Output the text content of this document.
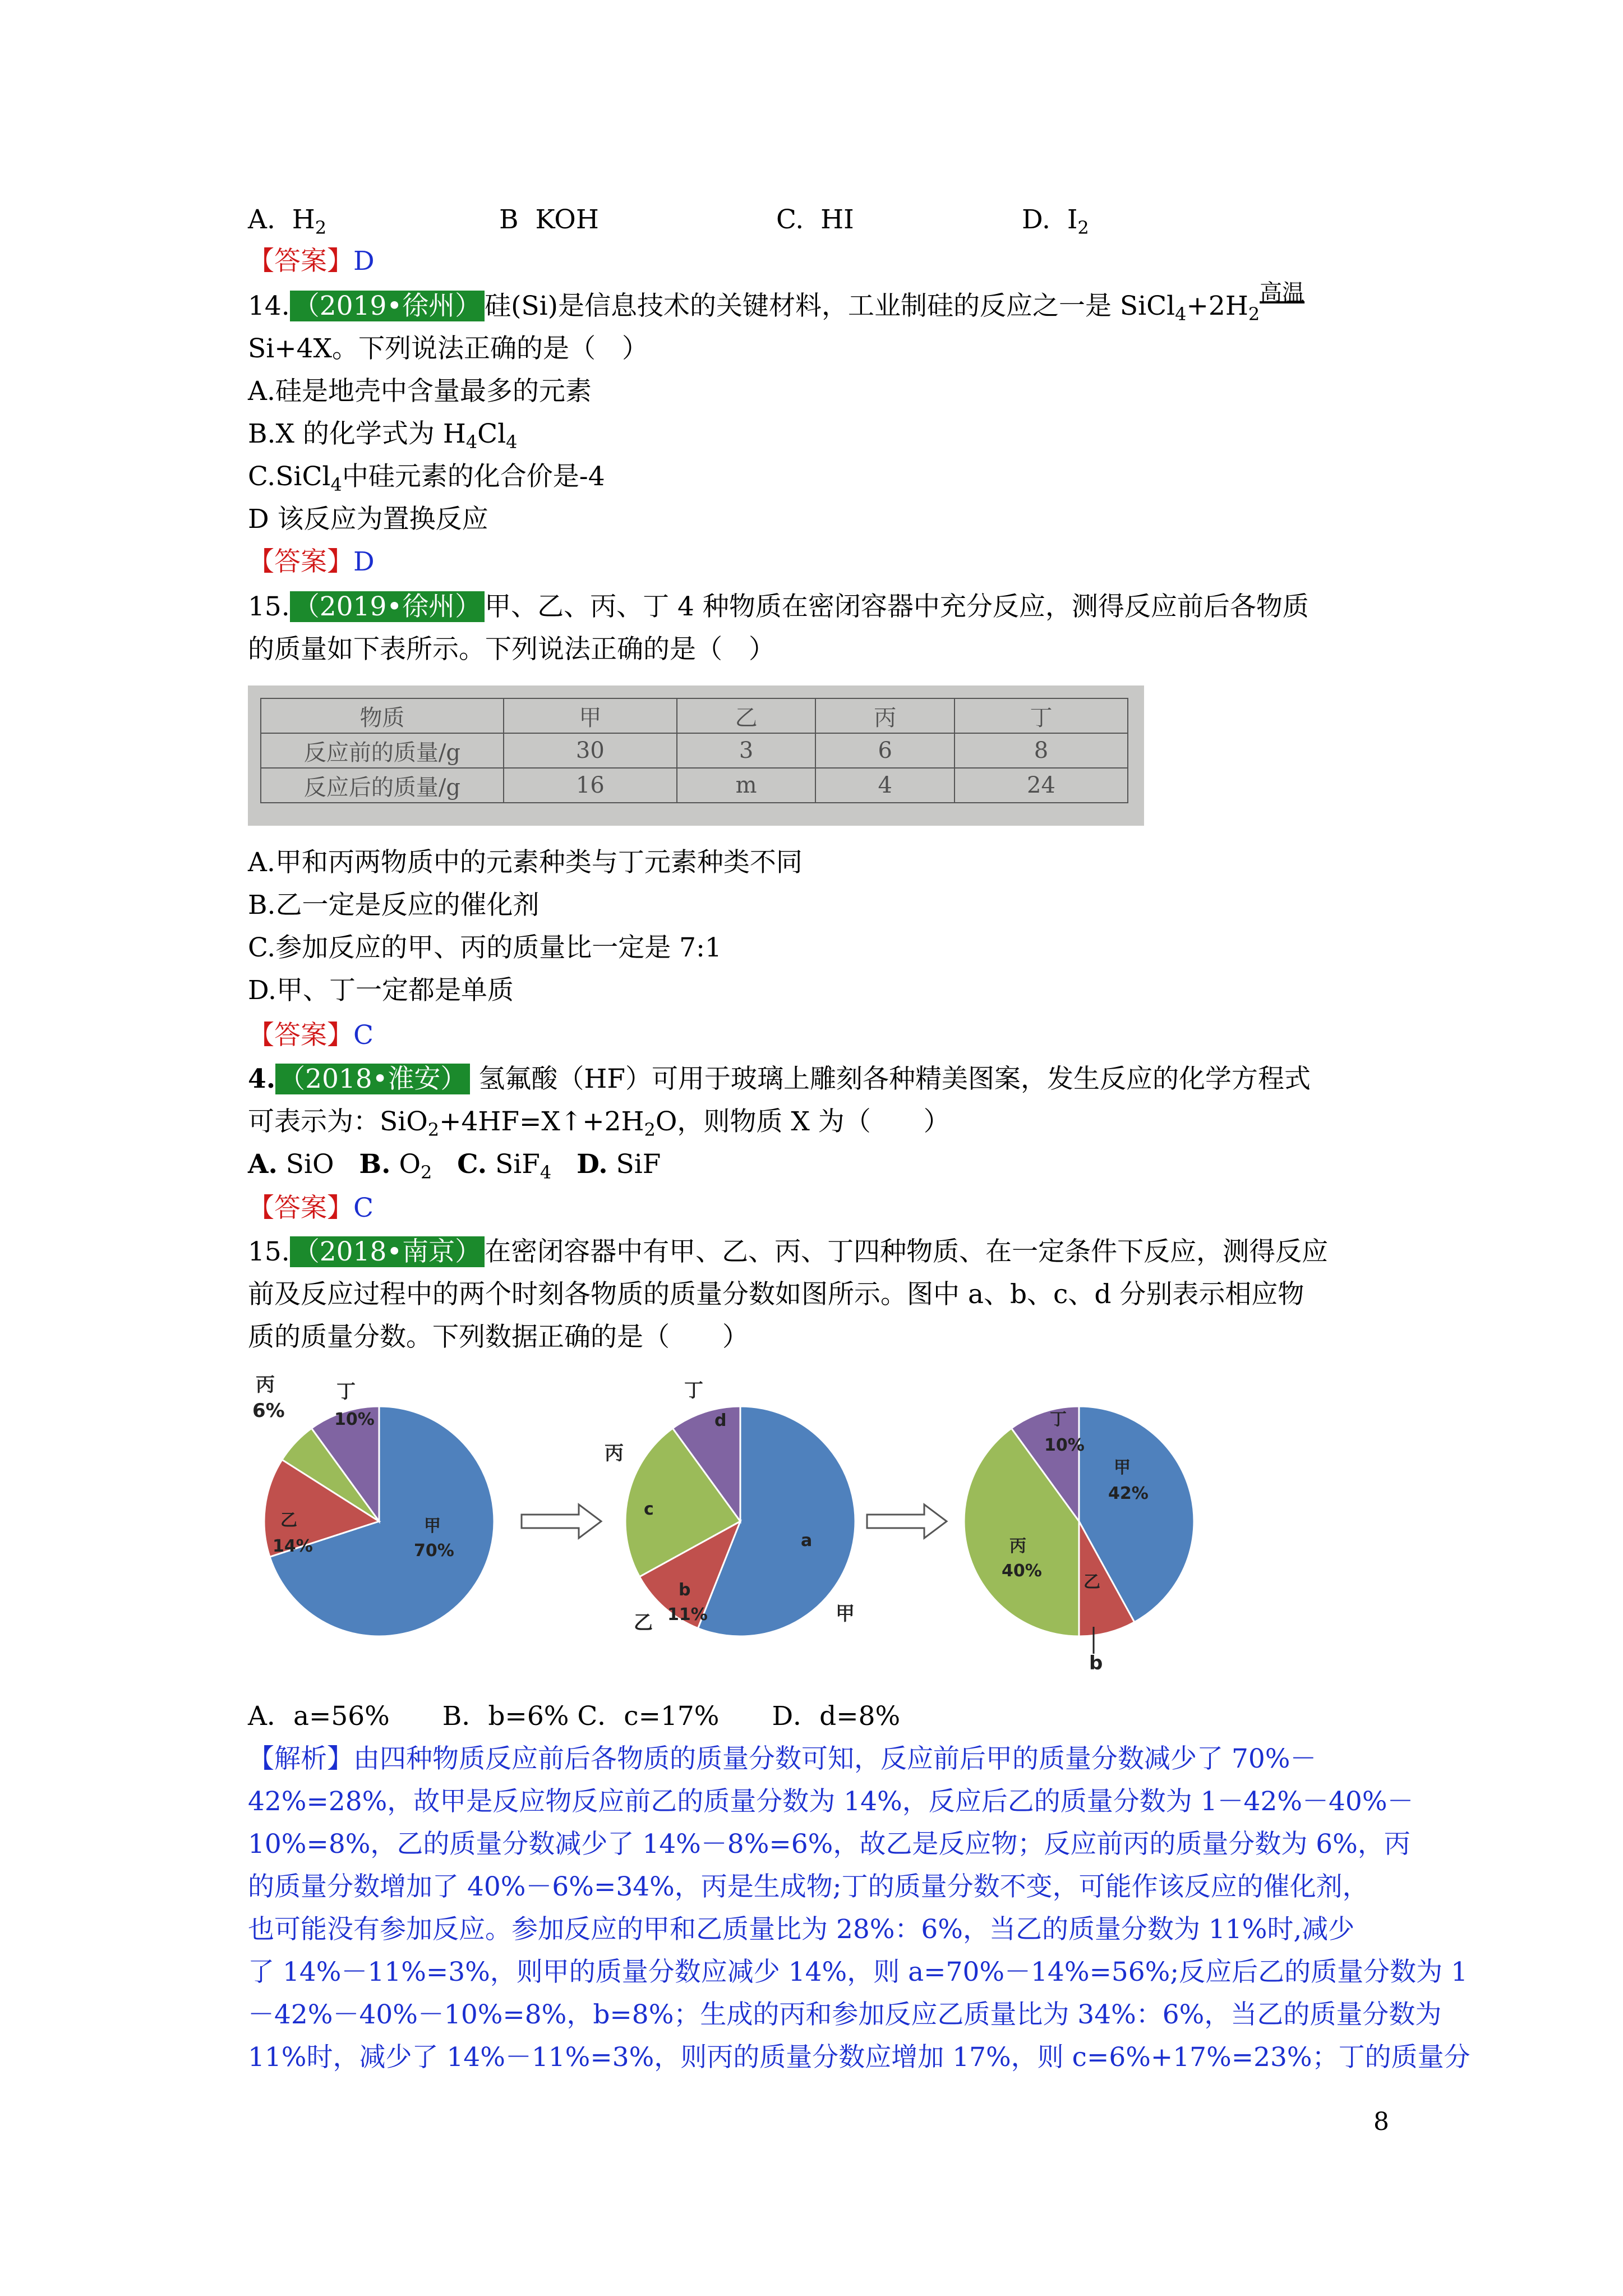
A. $H_2$	B KOH	C. HI	D. $I_2$
【答案】D
14. （2019•徐州） 硅(Si)是信息技术的关键材料，工业制硅的反应之一是 $SiCl_4+2H_2$高温
Si+4X。下列说法正确的是（　）
A.硅是地壳中含量最多的元素
B.X 的化学式为 $H_4Cl_4$
C.SiCl$_4$中硅元素的化合价是-4
D 该反应为置换反应
【答案】D
15. （2019•徐州） 甲、乙、丙、丁 4 种物质在密闭容器中充分反应，测得反应前后各物质
的质量如下表所示。下列说法正确的是（　）
物质	甲	乙	丙	丁
反应前的质量/g	30	3	6	8
反应后的质量/g	16	m	4	24
A.甲和丙两物质中的元素种类与丁元素种类不同
B.乙一定是反应的催化剂
C.参加反应的甲、丙的质量比一定是 7:1
D.甲、丁一定都是单质
【答案】C
4. （2018•淮安） 氢氟酸（HF）可用于玻璃上雕刻各种精美图案，发生反应的化学方程式
可表示为：$SiO_2+4HF=X↑+2H_2O$，则物质 X 为（　　）
A. SiO B. $O_2$ C. SiF$_4$ D. SiF
【答案】C
15. （2018•南京） 在密闭容器中有甲、乙、丙、丁四种物质、在一定条件下反应，测得反应
前及反应过程中的两个时刻各物质的质量分数如图所示。图中 a、b、c、d 分别表示相应物
质的质量分数。下列数据正确的是（　　）
甲
70%
乙
14%
10%
a
c
d
b
11%
甲
42%
丙
40%
乙
丁
10%
丙
6%
丁	丁
丙
乙	甲
b
A．a=56%　　B．b=6% C．c=17%　　D．d=8%
【解析】由四种物质反应前后各物质的质量分数可知，反应前后甲的质量分数减少了 70%－
42%=28%，故甲是反应物反应前乙的质量分数为 14%，反应后乙的质量分数为 1－42%－40%－
10%=8%，乙的质量分数减少了 14%－8%=6%，故乙是反应物；反应前丙的质量分数为 6%，丙
的质量分数增加了 40%－6%=34%，丙是生成物;丁的质量分数不变，可能作该反应的催化剂，
也可能没有参加反应。参加反应的甲和乙质量比为 28%：6%，当乙的质量分数为 11%时,减少
了 14%－11%=3%，则甲的质量分数应减少 14%，则 a=70%－14%=56%;反应后乙的质量分数为 1
－42%－40%－10%=8%，b=8%；生成的丙和参加反应乙质量比为 34%：6%，当乙的质量分数为
11%时，减少了 14%－11%=3%，则丙的质量分数应增加 17%，则 c=6%+17%=23%；丁的质量分
8
